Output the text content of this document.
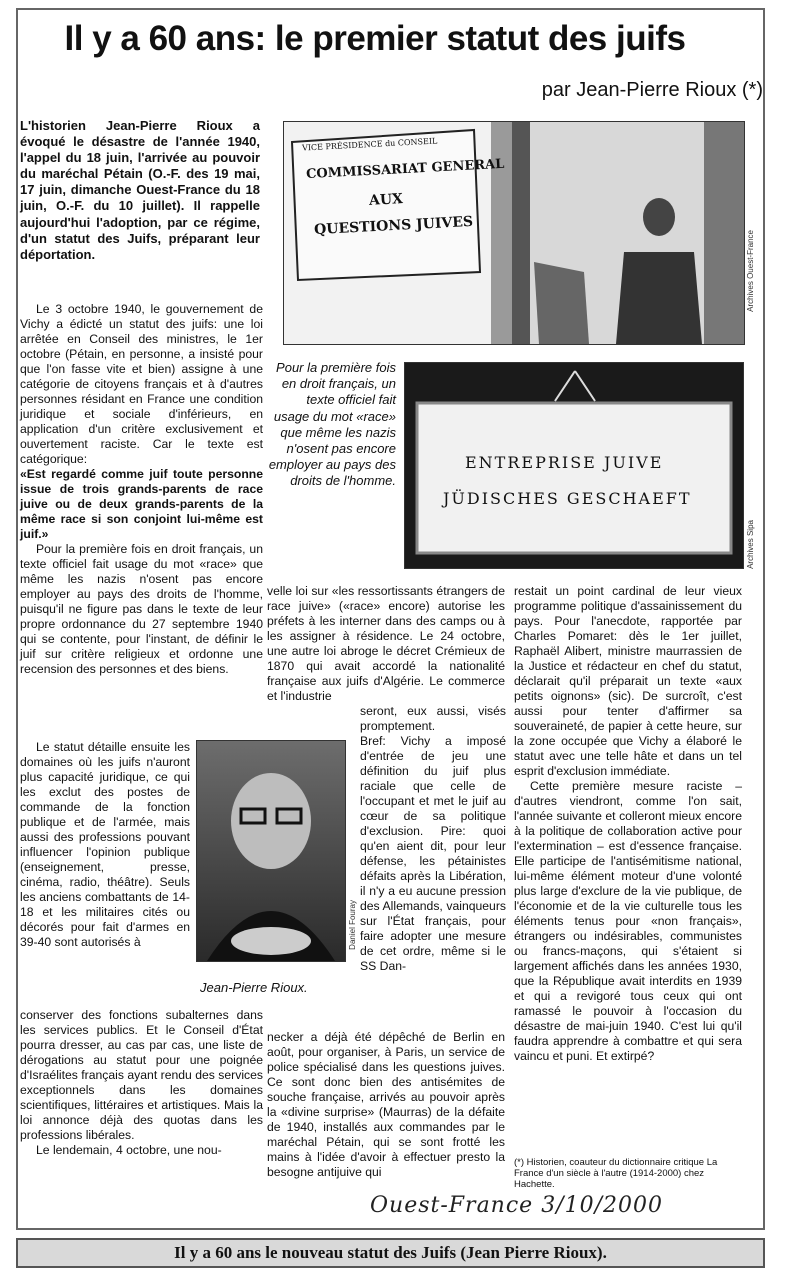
Il y a 60 ans: le premier statut des juifs
par Jean-Pierre Rioux (*)
L'historien Jean-Pierre Rioux a évoqué le désastre de l'année 1940, l'appel du 18 juin, l'arrivée au pouvoir du maréchal Pétain (O.-F. des 19 mai, 17 juin, dimanche Ouest-France du 18 juin, O.-F. du 10 juillet). Il rappelle aujourd'hui l'adoption, par ce régime, d'un statut des Juifs, préparant leur déportation.
VICE PRÉSIDENCE du CONSEIL
COMMISSARIAT GENERAL
AUX
QUESTIONS JUIVES
Archives Ouest-France
Pour la première fois en droit français, un texte officiel fait usage du mot «race» que même les nazis n'osent pas encore employer au pays des droits de l'homme.
ENTREPRISE JUIVE
JÜDISCHES GESCHAEFT
Archives Sipa

Le 3 octobre 1940, le gouvernement de Vichy a édicté un statut des juifs: une loi arrêtée en Conseil des ministres, le 1er octobre (Pétain, en personne, a insisté pour que l'on fasse vite et bien) assigne à une catégorie de citoyens français et à d'autres personnes résidant en France une condition juridique et sociale d'inférieurs, en application d'un critère exclusivement et ouvertement raciste. Car le texte est catégorique:

«Est regardé comme juif toute personne issue de trois grands-parents de race juive ou de deux grands-parents de la même race si son conjoint lui-même est juif.»

Pour la première fois en droit français, un texte officiel fait usage du mot «race» que même les nazis n'osent pas encore employer au pays des droits de l'homme, puisqu'il ne figure pas dans le texte de leur propre ordonnance du 27 septembre 1940 qui se contente, pour l'instant, de définir le juif sur critère religieux et ordonne une recension des personnes et des biens.

Le statut détaille ensuite les domaines où les juifs n'auront plus capacité juridique, ce qui les exclut des postes de commande de la fonction publique et de l'armée, mais aussi des professions pouvant influencer l'opinion publique (enseignement, presse, cinéma, radio, théâtre). Seuls les anciens combattants de 14-18 et les militaires cités ou décorés pour fait d'armes en 39-40 sont autorisés à

conserver des fonctions subalternes dans les services publics. Et le Conseil d'État pourra dresser, au cas par cas, une liste de dérogations au statut pour une poignée d'Israélites français ayant rendu des services exceptionnels dans les domaines scientifiques, littéraires et artistiques. Mais la loi annonce déjà des quotas dans les professions libérales.

Le lendemain, 4 octobre, une nou-

Daniel Fouray
Jean-Pierre Rioux.

velle loi sur «les ressortissants étrangers de race juive» («race» encore) autorise les préfets à les interner dans des camps ou à les assigner à résidence. Le 24 octobre, une autre loi abroge le décret Crémieux de 1870 qui avait accordé la nationalité française aux juifs d'Algérie. Le commerce et l'industrie

seront, eux aussi, visés promptement.

Bref: Vichy a imposé d'entrée de jeu une définition du juif plus raciale que celle de l'occupant et met le juif au cœur de sa politique d'exclusion. Pire: quoi qu'en aient dit, pour leur défense, les pétainistes défaits après la Libération, il n'y a eu aucune pression des Allemands, vainqueurs sur l'État français, pour faire adopter une mesure de cet ordre, même si le SS Dan-

necker a déjà été dépêché de Berlin en août, pour organiser, à Paris, un service de police spécialisé dans les questions juives. Ce sont donc bien des antisémites de souche française, arrivés au pouvoir après la «divine surprise» (Maurras) de la défaite de 1940, installés aux commandes par le maréchal Pétain, qui se sont frotté les mains à l'idée d'avoir à effectuer presto la besogne antijuive qui

restait un point cardinal de leur vieux programme politique d'assainissement du pays. Pour l'anecdote, rapportée par Charles Pomaret: dès le 1er juillet, Raphaël Alibert, ministre maurrassien de la Justice et rédacteur en chef du statut, déclarait qu'il préparait un texte «aux petits oignons» (sic). De surcroît, c'est aussi pour tenter d'affirmer sa souveraineté, de papier à cette heure, sur la zone occupée que Vichy a élaboré le statut avec une telle hâte et dans un tel esprit d'exclusion immédiate.

Cette première mesure raciste – d'autres viendront, comme l'on sait, l'année suivante et colleront mieux encore à la politique de collaboration active pour l'extermination – est d'essence française. Elle participe de l'antisémitisme national, lui-même élément moteur d'une volonté plus large d'exclure de la vie publique, de l'économie et de la vie culturelle tous les éléments tenus pour «non français», étrangers ou indésirables, communistes ou francs-maçons, qui s'étaient si largement affichés dans les années 1930, que la République avait interdits en 1939 et qui a revigoré tous ceux qui ont ramassé le pouvoir à l'occasion du désastre de mai-juin 1940. C'est lui qu'il faudra apprendre à combattre et qui sera vaincu et puni. Et extirpé?

(*) Historien, coauteur du dictionnaire critique La France d'un siècle à l'autre (1914-2000) chez Hachette.
Ouest-France 3/10/2000
Il y a 60 ans le nouveau statut des Juifs (Jean Pierre Rioux).
